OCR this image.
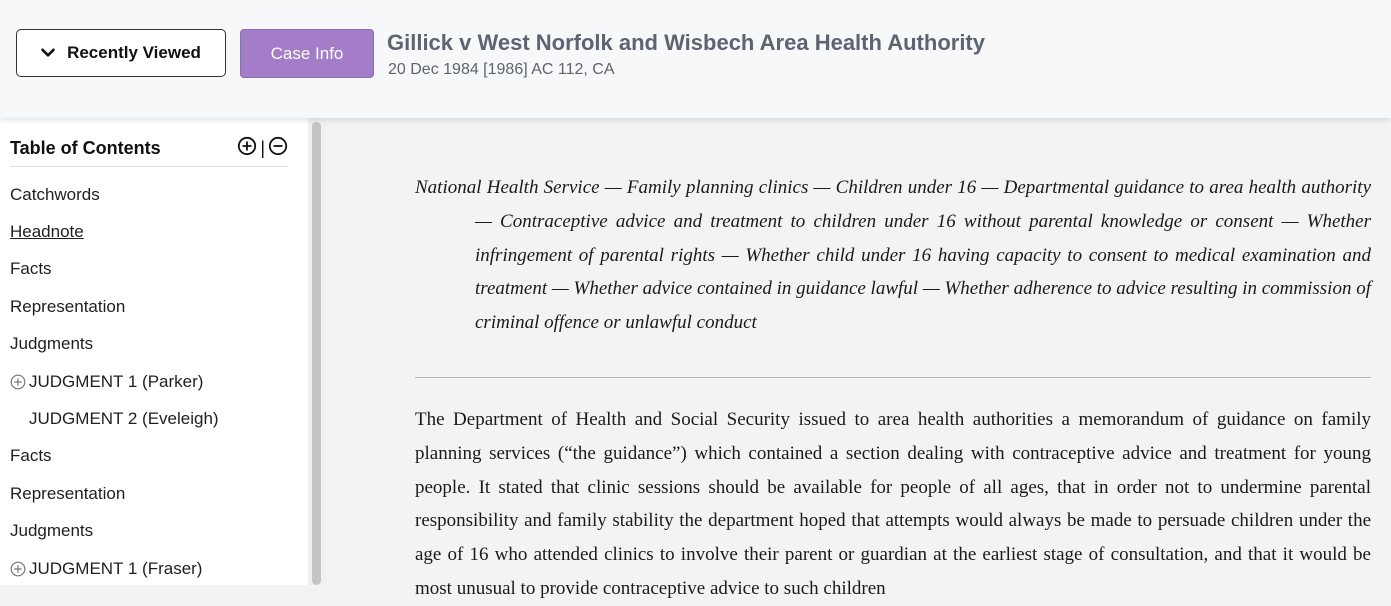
Recently Viewed	Case Info	Gillick v West Norfolk and Wisbech Area Health Authority
20 Dec 1984 [1986] AC 112, CA
Table of Contents	|
Catchwords
Headnote
Facts
Representation
Judgments
JUDGMENT 1 (Parker)
JUDGMENT 2 (Eveleigh)
Facts
Representation
Judgments
JUDGMENT 1 (Fraser)
National Health Service — Family planning clinics — Children under 16 — Departmental guidance to area health authority — Contraceptive advice and treatment to children under 16 without parental knowledge or consent — Whether infringement of parental rights — Whether child under 16 having capacity to consent to medical examination and treatment — Whether advice contained in guidance lawful — Whether adherence to advice resulting in commission of criminal offence or unlawful conduct

The Department of Health and Social Security issued to area health authorities a memorandum of guidance on family planning services (“the guidance”) which contained a section dealing with contraceptive advice and treatment for young people. It stated that clinic sessions should be available for people of all ages, that in order not to undermine parental responsibility and family stability the department hoped that attempts would always be made to persuade children under the age of 16 who attended clinics to involve their parent or guardian at the earliest stage of consultation, and that it would be most unusual to provide contraceptive advice to such children
